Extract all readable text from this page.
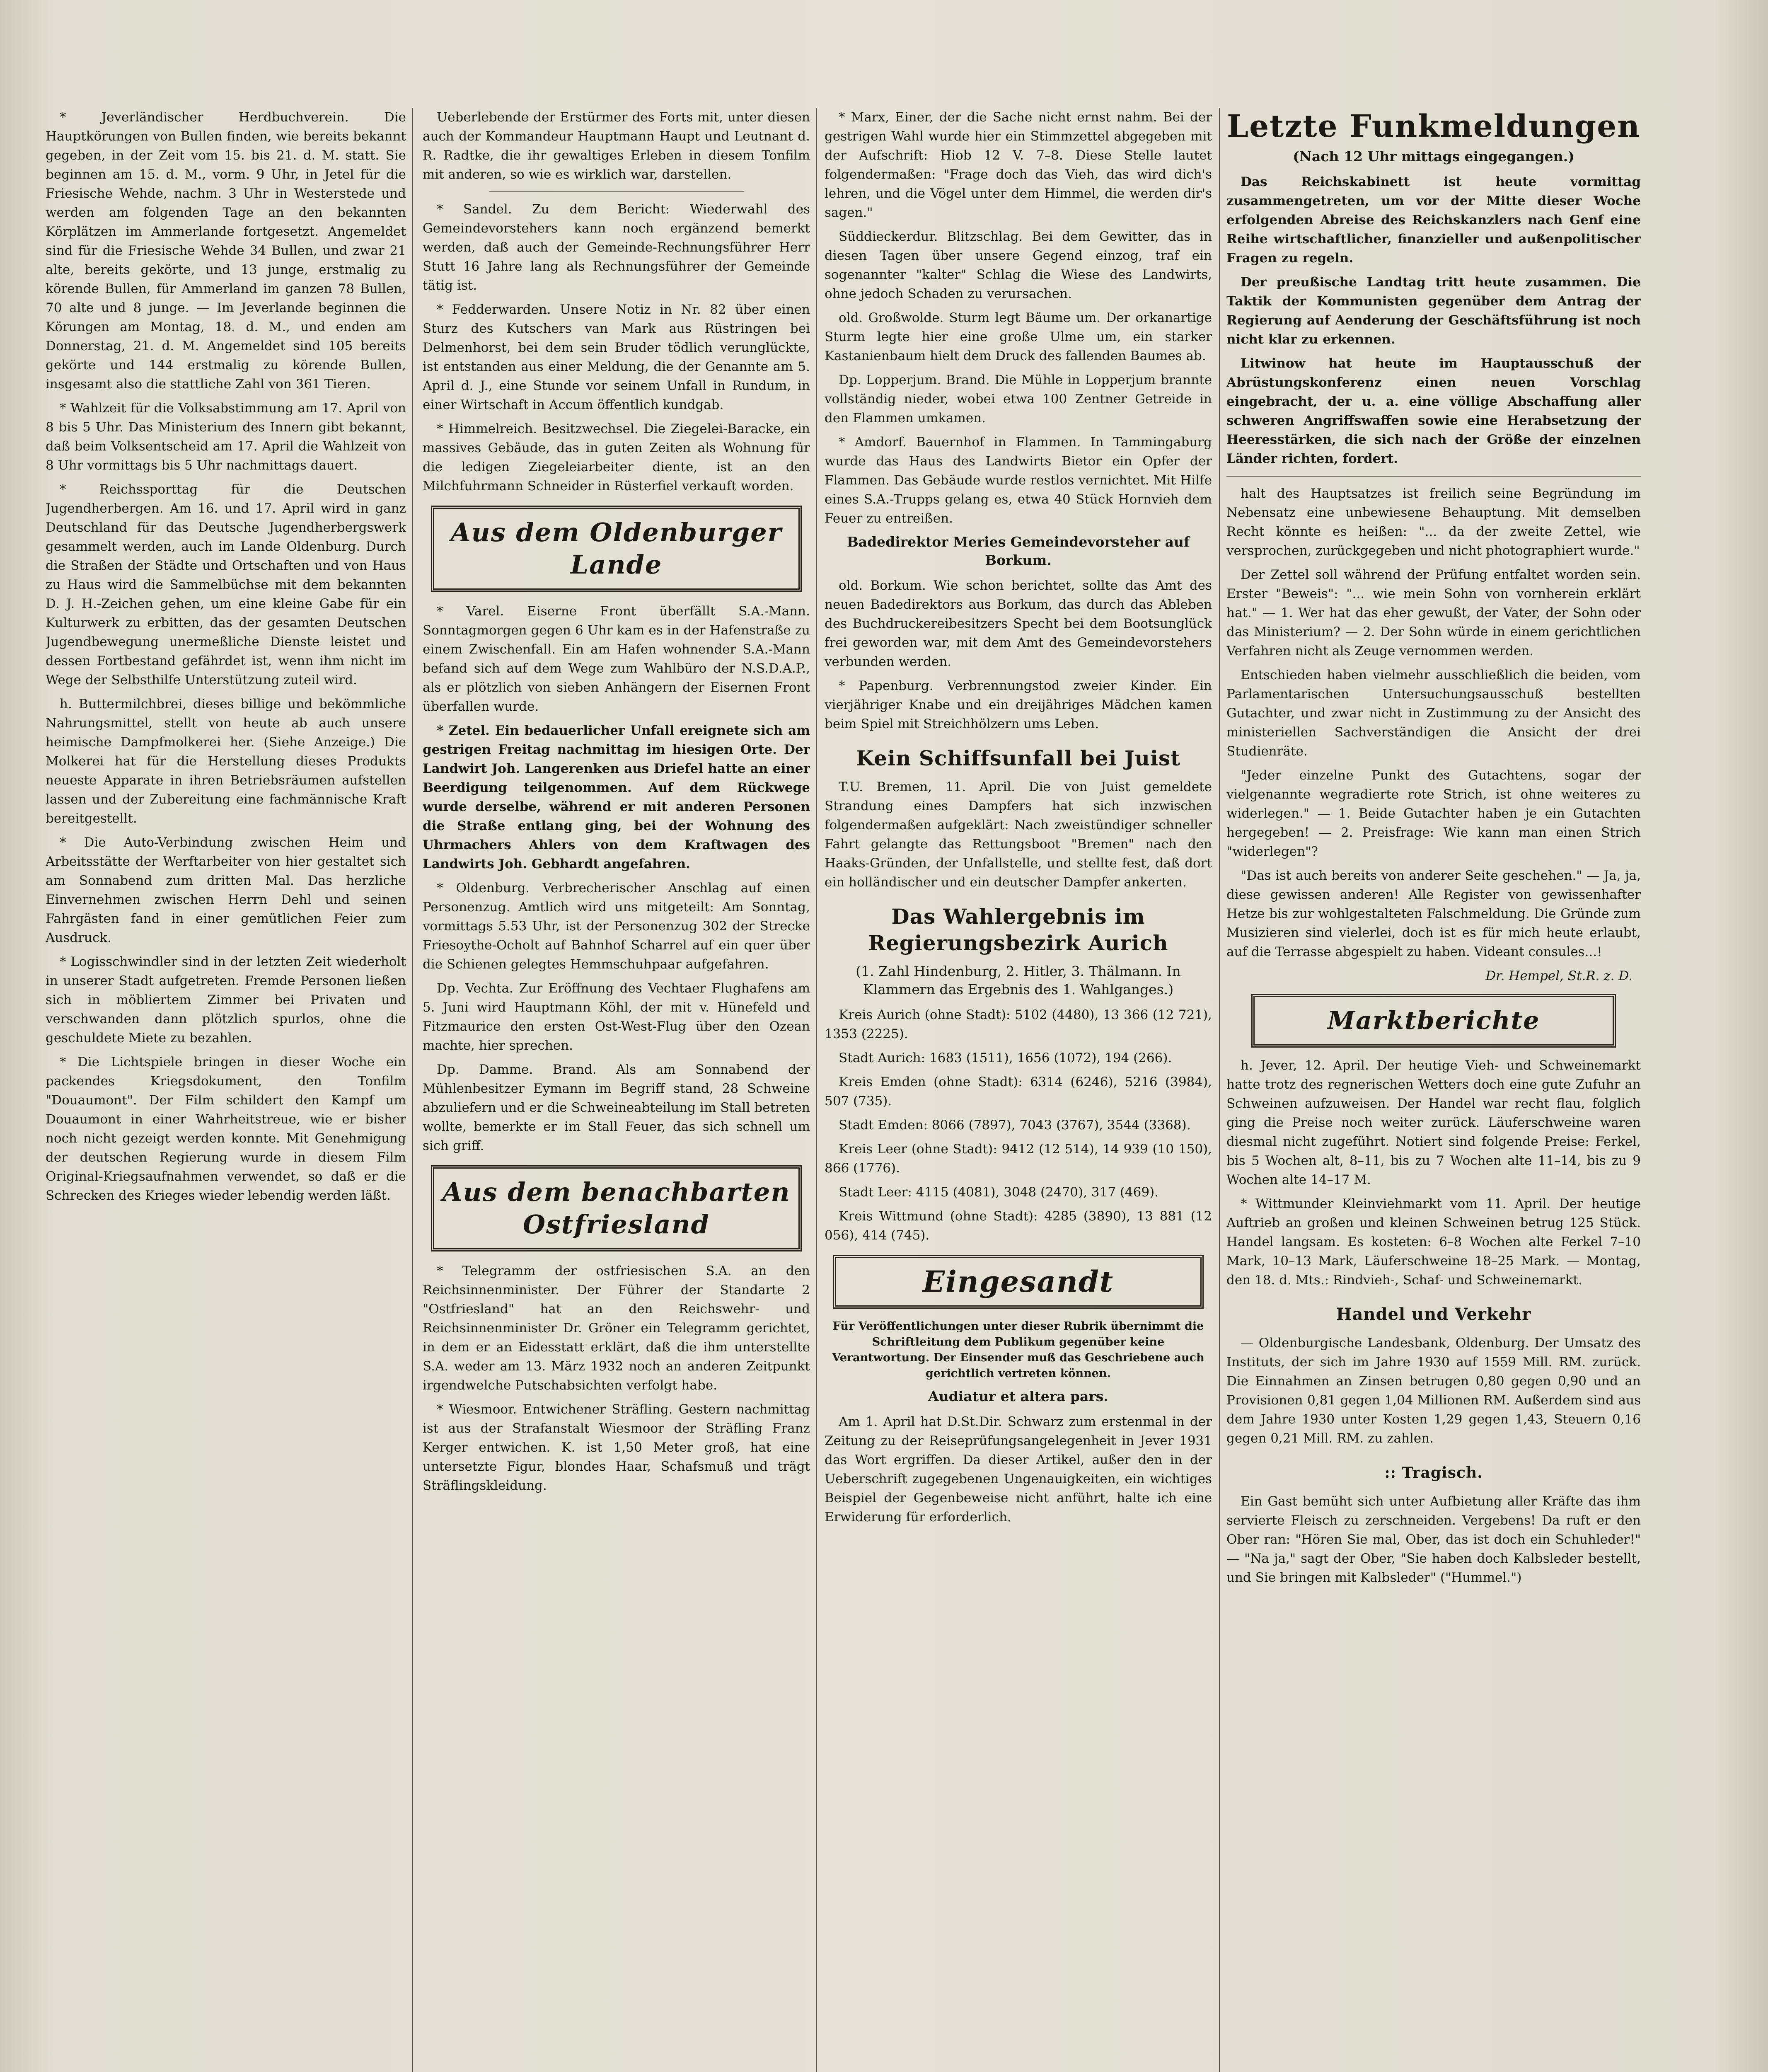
* Jeverländischer Herdbuchverein. Die Hauptkörungen von Bullen finden, wie bereits bekannt gegeben, in der Zeit vom 15. bis 21. d. M. statt. Sie beginnen am 15. d. M., vorm. 9 Uhr, in Jetel für die Friesische Wehde, nachm. 3 Uhr in Westerstede und werden am folgenden Tage an den bekannten Körplätzen im Ammerlande fortgesetzt. Angemeldet sind für die Friesische Wehde 34 Bullen, und zwar 21 alte, bereits gekörte, und 13 junge, erstmalig zu körende Bullen, für Ammerland im ganzen 78 Bullen, 70 alte und 8 junge. — Im Jeverlande beginnen die Körungen am Montag, 18. d. M., und enden am Donnerstag, 21. d. M. Angemeldet sind 105 bereits gekörte und 144 erstmalig zu körende Bullen, insgesamt also die stattliche Zahl von 361 Tieren.

* Wahlzeit für die Volksabstimmung am 17. April von 8 bis 5 Uhr. Das Ministerium des Innern gibt bekannt, daß beim Volksentscheid am 17. April die Wahlzeit von 8 Uhr vormittags bis 5 Uhr nachmittags dauert.

* Reichssporttag für die Deutschen Jugendherbergen. Am 16. und 17. April wird in ganz Deutschland für das Deutsche Jugendherbergswerk gesammelt werden, auch im Lande Oldenburg. Durch die Straßen der Städte und Ortschaften und von Haus zu Haus wird die Sammelbüchse mit dem bekannten D. J. H.-Zeichen gehen, um eine kleine Gabe für ein Kulturwerk zu erbitten, das der gesamten Deutschen Jugendbewegung unermeßliche Dienste leistet und dessen Fortbestand gefährdet ist, wenn ihm nicht im Wege der Selbsthilfe Unterstützung zuteil wird.

h. Buttermilchbrei, dieses billige und bekömmliche Nahrungsmittel, stellt von heute ab auch unsere heimische Dampfmolkerei her. (Siehe Anzeige.) Die Molkerei hat für die Herstellung dieses Produkts neueste Apparate in ihren Betriebsräumen aufstellen lassen und der Zubereitung eine fachmännische Kraft bereitgestellt.

* Die Auto-Verbindung zwischen Heim und Arbeitsstätte der Werftarbeiter von hier gestaltet sich am Sonnabend zum dritten Mal. Das herzliche Einvernehmen zwischen Herrn Dehl und seinen Fahrgästen fand in einer gemütlichen Feier zum Ausdruck.

* Logisschwindler sind in der letzten Zeit wiederholt in unserer Stadt aufgetreten. Fremde Personen ließen sich in möbliertem Zimmer bei Privaten und verschwanden dann plötzlich spurlos, ohne die geschuldete Miete zu bezahlen.

* Die Lichtspiele bringen in dieser Woche ein packendes Kriegsdokument, den Tonfilm "Douaumont". Der Film schildert den Kampf um Douaumont in einer Wahrheitstreue, wie er bisher noch nicht gezeigt werden konnte. Mit Genehmigung der deutschen Regierung wurde in diesem Film Original-Kriegsaufnahmen verwendet, so daß er die Schrecken des Krieges wieder lebendig werden läßt.

Ueberlebende der Erstürmer des Forts mit, unter diesen auch der Kommandeur Hauptmann Haupt und Leutnant d. R. Radtke, die ihr gewaltiges Erleben in diesem Tonfilm mit anderen, so wie es wirklich war, darstellen.

* Sandel. Zu dem Bericht: Wiederwahl des Gemeindevorstehers kann noch ergänzend bemerkt werden, daß auch der Gemeinde-Rechnungsführer Herr Stutt 16 Jahre lang als Rechnungsführer der Gemeinde tätig ist.

* Fedderwarden. Unsere Notiz in Nr. 82 über einen Sturz des Kutschers van Mark aus Rüstringen bei Delmenhorst, bei dem sein Bruder tödlich verunglückte, ist entstanden aus einer Meldung, die der Genannte am 5. April d. J., eine Stunde vor seinem Unfall in Rundum, in einer Wirtschaft in Accum öffentlich kundgab.

* Himmelreich. Besitzwechsel. Die Ziegelei-Baracke, ein massives Gebäude, das in guten Zeiten als Wohnung für die ledigen Ziegeleiarbeiter diente, ist an den Milchfuhrmann Schneider in Rüsterfiel verkauft worden.

Aus dem Oldenburger
Lande

* Varel. Eiserne Front überfällt S.A.-Mann. Sonntagmorgen gegen 6 Uhr kam es in der Hafenstraße zu einem Zwischenfall. Ein am Hafen wohnender S.A.-Mann befand sich auf dem Wege zum Wahlbüro der N.S.D.A.P., als er plötzlich von sieben Anhängern der Eisernen Front überfallen wurde.

* Zetel. Ein bedauerlicher Unfall ereignete sich am gestrigen Freitag nachmittag im hiesigen Orte. Der Landwirt Joh. Langerenken aus Driefel hatte an einer Beerdigung teilgenommen. Auf dem Rückwege wurde derselbe, während er mit anderen Personen die Straße entlang ging, bei der Wohnung des Uhrmachers Ahlers von dem Kraftwagen des Landwirts Joh. Gebhardt angefahren.

* Oldenburg. Verbrecherischer Anschlag auf einen Personenzug. Amtlich wird uns mitgeteilt: Am Sonntag, vormittags 5.53 Uhr, ist der Personenzug 302 der Strecke Friesoythe-Ocholt auf Bahnhof Scharrel auf ein quer über die Schienen gelegtes Hemmschuhpaar aufgefahren.

Dp. Vechta. Zur Eröffnung des Vechtaer Flughafens am 5. Juni wird Hauptmann Köhl, der mit v. Hünefeld und Fitzmaurice den ersten Ost-West-Flug über den Ozean machte, hier sprechen.

Dp. Damme. Brand. Als am Sonnabend der Mühlenbesitzer Eymann im Begriff stand, 28 Schweine abzuliefern und er die Schweineabteilung im Stall betreten wollte, bemerkte er im Stall Feuer, das sich schnell um sich griff.

Aus dem benachbarten
Ostfriesland

* Telegramm der ostfriesischen S.A. an den Reichsinnenminister. Der Führer der Standarte 2 "Ostfriesland" hat an den Reichswehr- und Reichsinnenminister Dr. Gröner ein Telegramm gerichtet, in dem er an Eidesstatt erklärt, daß die ihm unterstellte S.A. weder am 13. März 1932 noch an anderen Zeitpunkt irgendwelche Putschabsichten verfolgt habe.

* Wiesmoor. Entwichener Sträfling. Gestern nachmittag ist aus der Strafanstalt Wiesmoor der Sträfling Franz Kerger entwichen. K. ist 1,50 Meter groß, hat eine untersetzte Figur, blondes Haar, Schafsmuß und trägt Sträflingskleidung.

* Marx, Einer, der die Sache nicht ernst nahm. Bei der gestrigen Wahl wurde hier ein Stimmzettel abgegeben mit der Aufschrift: Hiob 12 V. 7–8. Diese Stelle lautet folgendermaßen: "Frage doch das Vieh, das wird dich's lehren, und die Vögel unter dem Himmel, die werden dir's sagen."

Süddieckerdur. Blitzschlag. Bei dem Gewitter, das in diesen Tagen über unsere Gegend einzog, traf ein sogenannter "kalter" Schlag die Wiese des Landwirts, ohne jedoch Schaden zu verursachen.

old. Großwolde. Sturm legt Bäume um. Der orkanartige Sturm legte hier eine große Ulme um, ein starker Kastanienbaum hielt dem Druck des fallenden Baumes ab.

Dp. Lopperjum. Brand. Die Mühle in Lopperjum brannte vollständig nieder, wobei etwa 100 Zentner Getreide in den Flammen umkamen.

* Amdorf. Bauernhof in Flammen. In Tammingaburg wurde das Haus des Landwirts Bietor ein Opfer der Flammen. Das Gebäude wurde restlos vernichtet. Mit Hilfe eines S.A.-Trupps gelang es, etwa 40 Stück Hornvieh dem Feuer zu entreißen.

Badedirektor Meries Gemeindevorsteher auf Borkum.

old. Borkum. Wie schon berichtet, sollte das Amt des neuen Badedirektors aus Borkum, das durch das Ableben des Buchdruckereibesitzers Specht bei dem Bootsunglück frei geworden war, mit dem Amt des Gemeindevorstehers verbunden werden.

* Papenburg. Verbrennungstod zweier Kinder. Ein vierjähriger Knabe und ein dreijähriges Mädchen kamen beim Spiel mit Streichhölzern ums Leben.

Kein Schiffsunfall bei Juist

T.U. Bremen, 11. April. Die von Juist gemeldete Strandung eines Dampfers hat sich inzwischen folgendermaßen aufgeklärt: Nach zweistündiger schneller Fahrt gelangte das Rettungsboot "Bremen" nach den Haaks-Gründen, der Unfallstelle, und stellte fest, daß dort ein holländischer und ein deutscher Dampfer ankerten.

Das Wahlergebnis im Regierungsbezirk Aurich
(1. Zahl Hindenburg, 2. Hitler, 3. Thälmann. In Klammern das Ergebnis des 1. Wahlganges.)

Kreis Aurich (ohne Stadt): 5102 (4480), 13 366 (12 721), 1353 (2225).

Stadt Aurich: 1683 (1511), 1656 (1072), 194 (266).

Kreis Emden (ohne Stadt): 6314 (6246), 5216 (3984), 507 (735).

Stadt Emden: 8066 (7897), 7043 (3767), 3544 (3368).

Kreis Leer (ohne Stadt): 9412 (12 514), 14 939 (10 150), 866 (1776).

Stadt Leer: 4115 (4081), 3048 (2470), 317 (469).

Kreis Wittmund (ohne Stadt): 4285 (3890), 13 881 (12 056), 414 (745).

Eingesandt
Für Veröffentlichungen unter dieser Rubrik übernimmt die Schriftleitung dem Publikum gegenüber keine Verantwortung. Der Einsender muß das Geschriebene auch gerichtlich vertreten können.
Audiatur et altera pars.

Am 1. April hat D.St.Dir. Schwarz zum erstenmal in der Zeitung zu der Reiseprüfungsangelegenheit in Jever 1931 das Wort ergriffen. Da dieser Artikel, außer den in der Ueberschrift zugegebenen Ungenauigkeiten, ein wichtiges Beispiel der Gegenbeweise nicht anführt, halte ich eine Erwiderung für erforderlich.

Letzte Funkmeldungen
(Nach 12 Uhr mittags eingegangen.)

Das Reichskabinett ist heute vormittag zusammengetreten, um vor der Mitte dieser Woche erfolgenden Abreise des Reichskanzlers nach Genf eine Reihe wirtschaftlicher, finanzieller und außenpolitischer Fragen zu regeln.

Der preußische Landtag tritt heute zusammen. Die Taktik der Kommunisten gegenüber dem Antrag der Regierung auf Aenderung der Geschäftsführung ist noch nicht klar zu erkennen.

Litwinow hat heute im Hauptausschuß der Abrüstungskonferenz einen neuen Vorschlag eingebracht, der u. a. eine völlige Abschaffung aller schweren Angriffswaffen sowie eine Herabsetzung der Heeresstärken, die sich nach der Größe der einzelnen Länder richten, fordert.

halt des Hauptsatzes ist freilich seine Begründung im Nebensatz eine unbewiesene Behauptung. Mit demselben Recht könnte es heißen: "... da der zweite Zettel, wie versprochen, zurückgegeben und nicht photographiert wurde."

Der Zettel soll während der Prüfung entfaltet worden sein. Erster "Beweis": "... wie mein Sohn von vornherein erklärt hat." — 1. Wer hat das eher gewußt, der Vater, der Sohn oder das Ministerium? — 2. Der Sohn würde in einem gerichtlichen Verfahren nicht als Zeuge vernommen werden.

Entschieden haben vielmehr ausschließlich die beiden, vom Parlamentarischen Untersuchungsausschuß bestellten Gutachter, und zwar nicht in Zustimmung zu der Ansicht des ministeriellen Sachverständigen die Ansicht der drei Studienräte.

"Jeder einzelne Punkt des Gutachtens, sogar der vielgenannte wegradierte rote Strich, ist ohne weiteres zu widerlegen." — 1. Beide Gutachter haben je ein Gutachten hergegeben! — 2. Preisfrage: Wie kann man einen Strich "widerlegen"?

"Das ist auch bereits von anderer Seite geschehen." — Ja, ja, diese gewissen anderen! Alle Register von gewissenhafter Hetze bis zur wohlgestalteten Falschmeldung. Die Gründe zum Musizieren sind vielerlei, doch ist es für mich heute erlaubt, auf die Terrasse abgespielt zu haben. Videant consules...!

Dr. Hempel, St.R. z. D.
Marktberichte

h. Jever, 12. April. Der heutige Vieh- und Schweinemarkt hatte trotz des regnerischen Wetters doch eine gute Zufuhr an Schweinen aufzuweisen. Der Handel war recht flau, folglich ging die Preise noch weiter zurück. Läuferschweine waren diesmal nicht zugeführt. Notiert sind folgende Preise: Ferkel, bis 5 Wochen alt, 8–11, bis zu 7 Wochen alte 11–14, bis zu 9 Wochen alte 14–17 M.

* Wittmunder Kleinviehmarkt vom 11. April. Der heutige Auftrieb an großen und kleinen Schweinen betrug 125 Stück. Handel langsam. Es kosteten: 6–8 Wochen alte Ferkel 7–10 Mark, 10–13 Mark, Läuferschweine 18–25 Mark. — Montag, den 18. d. Mts.: Rindvieh-, Schaf- und Schweinemarkt.

Handel und Verkehr

— Oldenburgische Landesbank, Oldenburg. Der Umsatz des Instituts, der sich im Jahre 1930 auf 1559 Mill. RM. zurück. Die Einnahmen an Zinsen betrugen 0,80 gegen 0,90 und an Provisionen 0,81 gegen 1,04 Millionen RM. Außerdem sind aus dem Jahre 1930 unter Kosten 1,29 gegen 1,43, Steuern 0,16 gegen 0,21 Mill. RM. zu zahlen.

:: Tragisch.

Ein Gast bemüht sich unter Aufbietung aller Kräfte das ihm servierte Fleisch zu zerschneiden. Vergebens! Da ruft er den Ober ran: "Hören Sie mal, Ober, das ist doch ein Schuhleder!" — "Na ja," sagt der Ober, "Sie haben doch Kalbsleder bestellt, und Sie bringen mit Kalbsleder" ("Hummel.")
